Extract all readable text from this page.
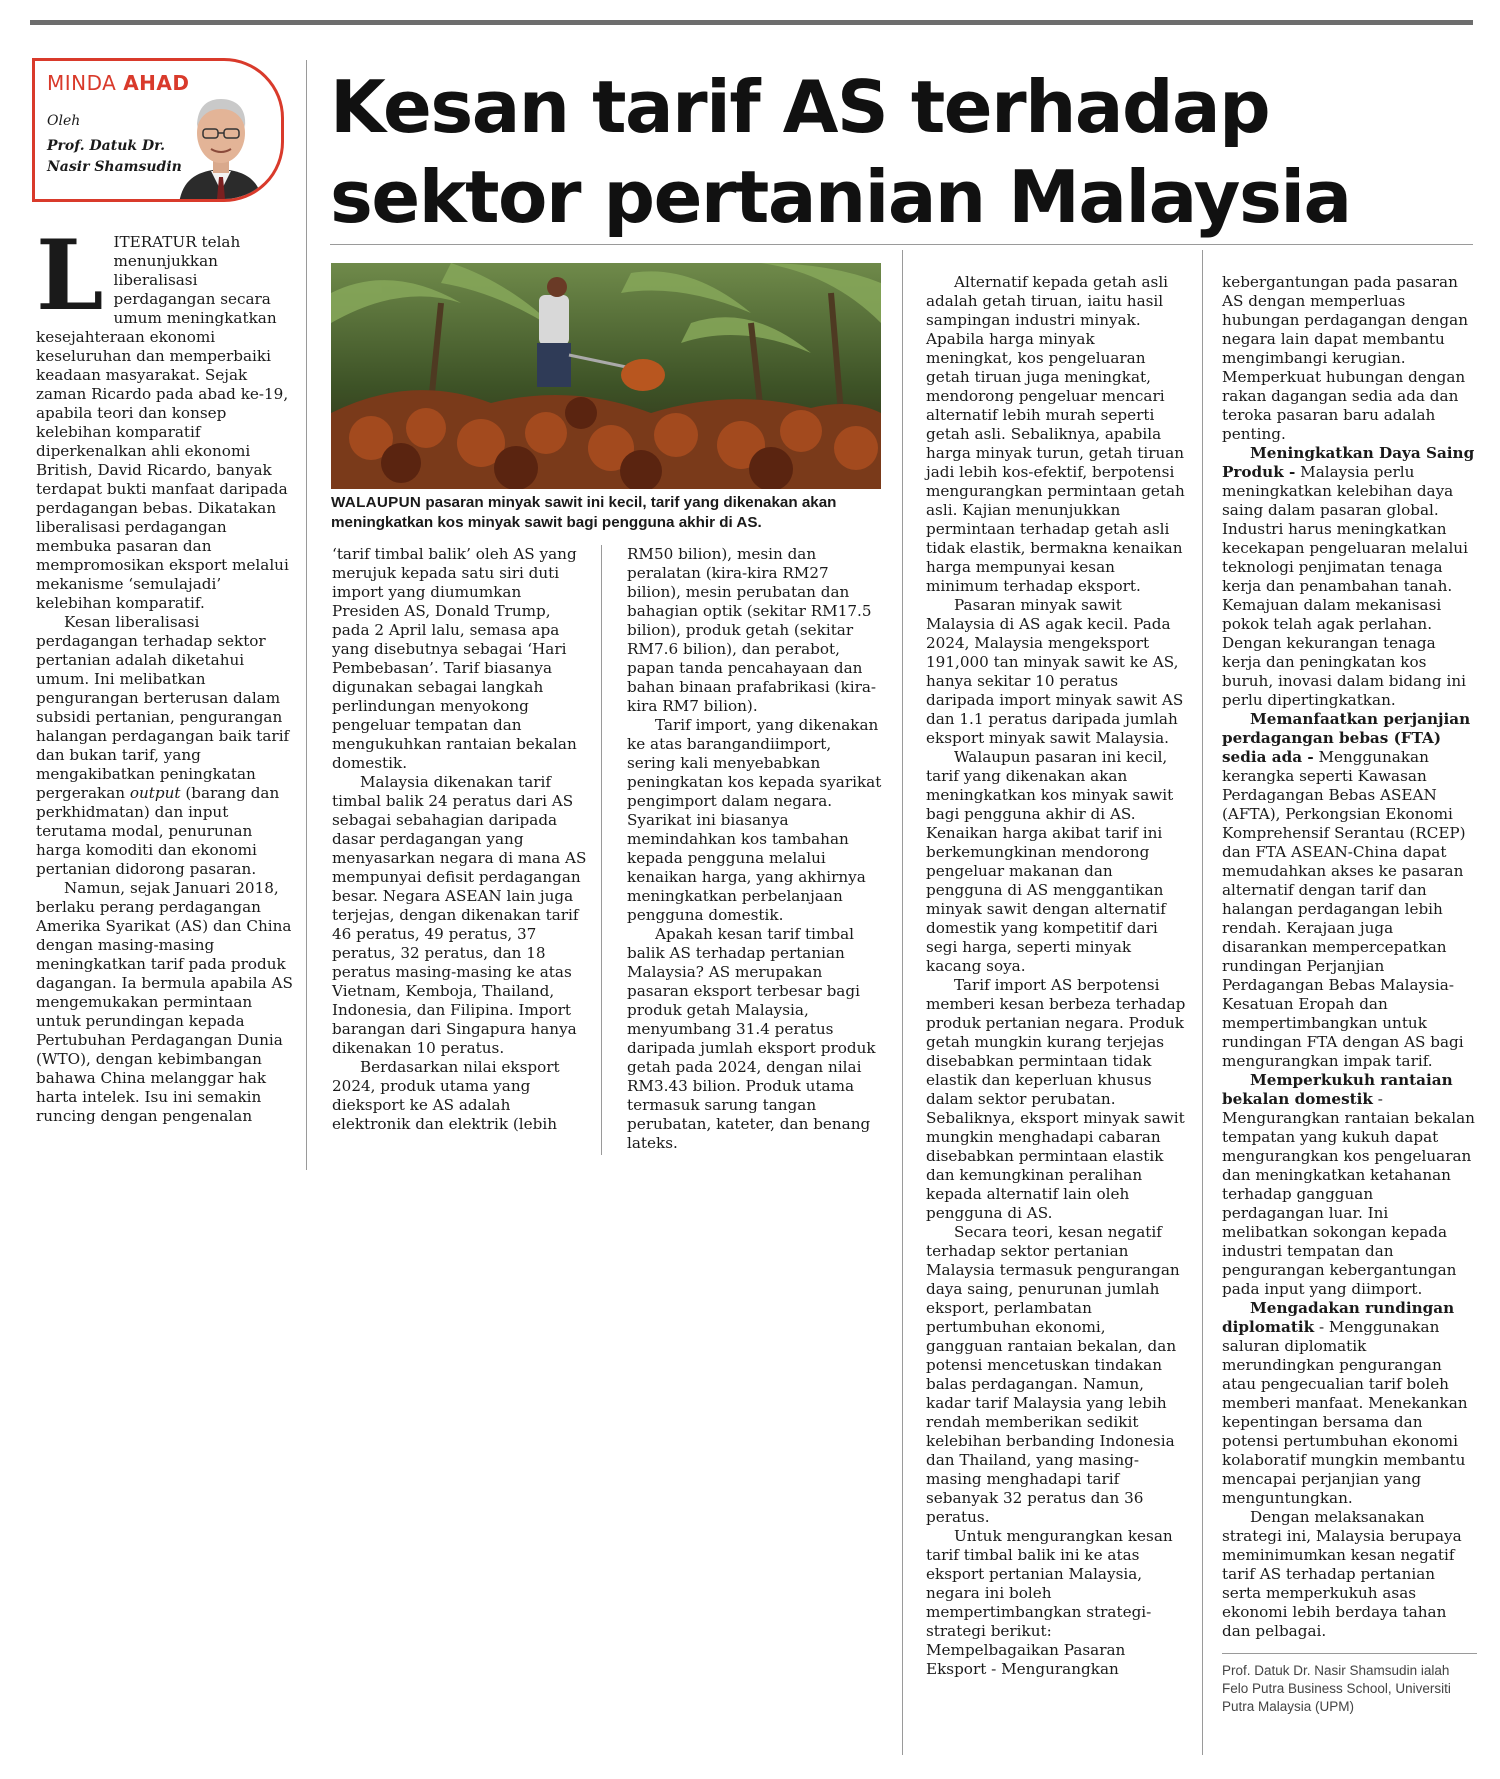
MINDA AHAD
Oleh
Prof. Datuk Dr. Nasir Shamsudin
Kesan tarif AS terhadap sektor pertanian Malaysia
WALAUPUN pasaran minyak sawit ini kecil, tarif yang dikenakan akan meningkatkan kos minyak sawit bagi pengguna akhir di AS.
L ITERATUR telah menunjukkan liberalisasi perdagangan secara umum meningkatkan kesejahteraan ekonomi keseluruhan dan memperbaiki keadaan masyarakat. Sejak zaman Ricardo pada abad ke-19, apabila teori dan konsep kelebihan komparatif diperkenalkan ahli ekonomi British, David Ricardo, banyak terdapat bukti manfaat daripada perdagangan bebas. Dikatakan liberalisasi perdagangan membuka pasaran dan mempromosikan eksport melalui mekanisme ‘semulajadi’ kelebihan komparatif.

Kesan liberalisasi perdagangan terhadap sektor pertanian adalah diketahui umum. Ini melibatkan pengurangan berterusan dalam subsidi pertanian, pengurangan halangan perdagangan baik tarif dan bukan tarif, yang mengakibatkan peningkatan pergerakan output (barang dan perkhidmatan) dan input terutama modal, penurunan harga komoditi dan ekonomi pertanian didorong pasaran.

Namun, sejak Januari 2018, berlaku perang perdagangan Amerika Syarikat (AS) dan China dengan masing-masing meningkatkan tarif pada produk dagangan. Ia bermula apabila AS mengemukakan permintaan untuk perundingan kepada Pertubuhan Perdagangan Dunia (WTO), dengan kebimbangan bahawa China melanggar hak harta intelek. Isu ini semakin runcing dengan pengenalan

‘tarif timbal balik’ oleh AS yang merujuk kepada satu siri duti import yang diumumkan Presiden AS, Donald Trump, pada 2 April lalu, semasa apa yang disebutnya sebagai ‘Hari Pembebasan’. Tarif biasanya digunakan sebagai langkah perlindungan menyokong pengeluar tempatan dan mengukuhkan rantaian bekalan domestik.

Malaysia dikenakan tarif timbal balik 24 peratus dari AS sebagai sebahagian daripada dasar perdagangan yang menyasarkan negara di mana AS mempunyai defisit perdagangan besar. Negara ASEAN lain juga terjejas, dengan dikenakan tarif 46 peratus, 49 peratus, 37 peratus, 32 peratus, dan 18 peratus masing-masing ke atas Vietnam, Kemboja, Thailand, Indonesia, dan Filipina. Import barangan dari Singapura hanya dikenakan 10 peratus.

Berdasarkan nilai eksport 2024, produk utama yang dieksport ke AS adalah elektronik dan elektrik (lebih

RM50 bilion), mesin dan peralatan (kira-kira RM27 bilion), mesin perubatan dan bahagian optik (sekitar RM17.5 bilion), produk getah (sekitar RM7.6 bilion), dan perabot, papan tanda pencahayaan dan bahan binaan prafabrikasi (kira-kira RM7 bilion).

Tarif import, yang dikenakan ke atas barangandiimport, sering kali menyebabkan peningkatan kos kepada syarikat pengimport dalam negara. Syarikat ini biasanya memindahkan kos tambahan kepada pengguna melalui kenaikan harga, yang akhirnya meningkatkan perbelanjaan pengguna domestik.

Apakah kesan tarif timbal balik AS terhadap pertanian Malaysia? AS merupakan pasaran eksport terbesar bagi produk getah Malaysia, menyumbang 31.4 peratus daripada jumlah eksport produk getah pada 2024, dengan nilai RM3.43 bilion. Produk utama termasuk sarung tangan perubatan, kateter, dan benang lateks.

Alternatif kepada getah asli adalah getah tiruan, iaitu hasil sampingan industri minyak. Apabila harga minyak meningkat, kos pengeluaran getah tiruan juga meningkat, mendorong pengeluar mencari alternatif lebih murah seperti getah asli. Sebaliknya, apabila harga minyak turun, getah tiruan jadi lebih kos-efektif, berpotensi mengurangkan permintaan getah asli. Kajian menunjukkan permintaan terhadap getah asli tidak elastik, bermakna kenaikan harga mempunyai kesan minimum terhadap eksport.

Pasaran minyak sawit Malaysia di AS agak kecil. Pada 2024, Malaysia mengeksport 191,000 tan minyak sawit ke AS, hanya sekitar 10 peratus daripada import minyak sawit AS dan 1.1 peratus daripada jumlah eksport minyak sawit Malaysia.

Walaupun pasaran ini kecil, tarif yang dikenakan akan meningkatkan kos minyak sawit bagi pengguna akhir di AS. Kenaikan harga akibat tarif ini berkemungkinan mendorong pengeluar makanan dan pengguna di AS menggantikan minyak sawit dengan alternatif domestik yang kompetitif dari segi harga, seperti minyak kacang soya.

Tarif import AS berpotensi memberi kesan berbeza terhadap produk pertanian negara. Produk getah mungkin kurang terjejas disebabkan permintaan tidak elastik dan keperluan khusus dalam sektor perubatan. Sebaliknya, eksport minyak sawit mungkin menghadapi cabaran disebabkan permintaan elastik dan kemungkinan peralihan kepada alternatif lain oleh pengguna di AS.

Secara teori, kesan negatif terhadap sektor pertanian Malaysia termasuk pengurangan daya saing, penurunan jumlah eksport, perlambatan pertumbuhan ekonomi, gangguan rantaian bekalan, dan potensi mencetuskan tindakan balas perdagangan. Namun, kadar tarif Malaysia yang lebih rendah memberikan sedikit kelebihan berbanding Indonesia dan Thailand, yang masing-masing menghadapi tarif sebanyak 32 peratus dan 36 peratus.

Untuk mengurangkan kesan tarif timbal balik ini ke atas eksport pertanian Malaysia, negara ini boleh mempertimbangkan strategi-strategi berikut: Mempelbagaikan Pasaran Eksport - Mengurangkan

kebergantungan pada pasaran AS dengan memperluas hubungan perdagangan dengan negara lain dapat membantu mengimbangi kerugian. Memperkuat hubungan dengan rakan dagangan sedia ada dan teroka pasaran baru adalah penting.

Meningkatkan Daya Saing Produk - Malaysia perlu meningkatkan kelebihan daya saing dalam pasaran global. Industri harus meningkatkan kecekapan pengeluaran melalui teknologi penjimatan tenaga kerja dan penambahan tanah. Kemajuan dalam mekanisasi pokok telah agak perlahan. Dengan kekurangan tenaga kerja dan peningkatan kos buruh, inovasi dalam bidang ini perlu dipertingkatkan.

Memanfaatkan perjanjian perdagangan bebas (FTA) sedia ada - Menggunakan kerangka seperti Kawasan Perdagangan Bebas ASEAN (AFTA), Perkongsian Ekonomi Komprehensif Serantau (RCEP) dan FTA ASEAN-China dapat memudahkan akses ke pasaran alternatif dengan tarif dan halangan perdagangan lebih rendah. Kerajaan juga disarankan mempercepatkan rundingan Perjanjian Perdagangan Bebas Malaysia-Kesatuan Eropah dan mempertimbangkan untuk rundingan FTA dengan AS bagi mengurangkan impak tarif.

Memperkukuh rantaian bekalan domestik - Mengurangkan rantaian bekalan tempatan yang kukuh dapat mengurangkan kos pengeluaran dan meningkatkan ketahanan terhadap gangguan perdagangan luar. Ini melibatkan sokongan kepada industri tempatan dan pengurangan kebergantungan pada input yang diimport.

Mengadakan rundingan diplomatik - Menggunakan saluran diplomatik merundingkan pengurangan atau pengecualian tarif boleh memberi manfaat. Menekankan kepentingan bersama dan potensi pertumbuhan ekonomi kolaboratif mungkin membantu mencapai perjanjian yang menguntungkan.

Dengan melaksanakan strategi ini, Malaysia berupaya meminimumkan kesan negatif tarif AS terhadap pertanian serta memperkukuh asas ekonomi lebih berdaya tahan dan pelbagai.

Prof. Datuk Dr. Nasir Shamsudin ialah Felo Putra Business School, Universiti Putra Malaysia (UPM)
